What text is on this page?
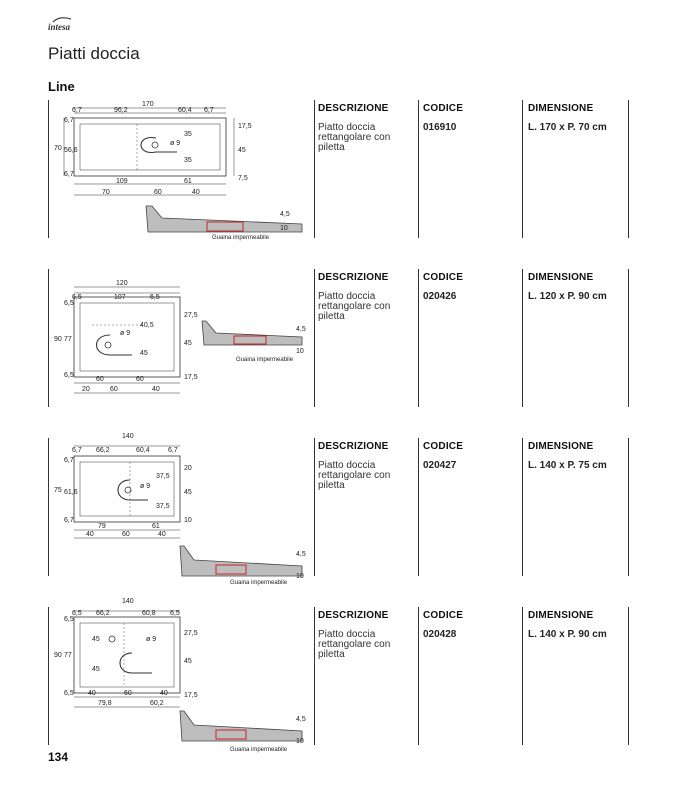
intesa
Piatti doccia
Line
DESCRIZIONE	CODICE	DIMENSIONE
Piatto doccia
rettangolare con
piletta
016910	L. 170 x P. 70 cm
170
6,7	96,2	60,4 6,7
70
6,7
56,6
6,7
17,5
45
7,5
35
35
ø 9
109	61
70	60	40
4,5
10
Guaina impermeabile
DESCRIZIONE	CODICE	DIMENSIONE
Piatto doccia
rettangolare con
piletta
020426	L. 120 x P. 90 cm
120
6,5	107	6,5
90
6,5
77
6,5
27,5
45
17,5
40,5
45
ø 9
60	60
20	60	40
4,5
10
Guaina impermeabile
DESCRIZIONE	CODICE	DIMENSIONE
Piatto doccia
rettangolare con
piletta
020427	L. 140 x P. 75 cm
140
6,7 66,2	60,4	6,7
75
6,7
61,6
6,7
20
45
10
37,5
37,5
ø 9
79	61
40	60	40
4,5
10
Guaina impermeabile
DESCRIZIONE	CODICE	DIMENSIONE
Piatto doccia
rettangolare con
piletta
020428	L. 140 x P. 90 cm
140
6,5 66,2	60,8 6,5
90
6,5
77
6,5
27,5
45
17,5
45
45
ø 9
40	60	40
79,8	60,2
4,5
10
Guaina impermeabile
134
